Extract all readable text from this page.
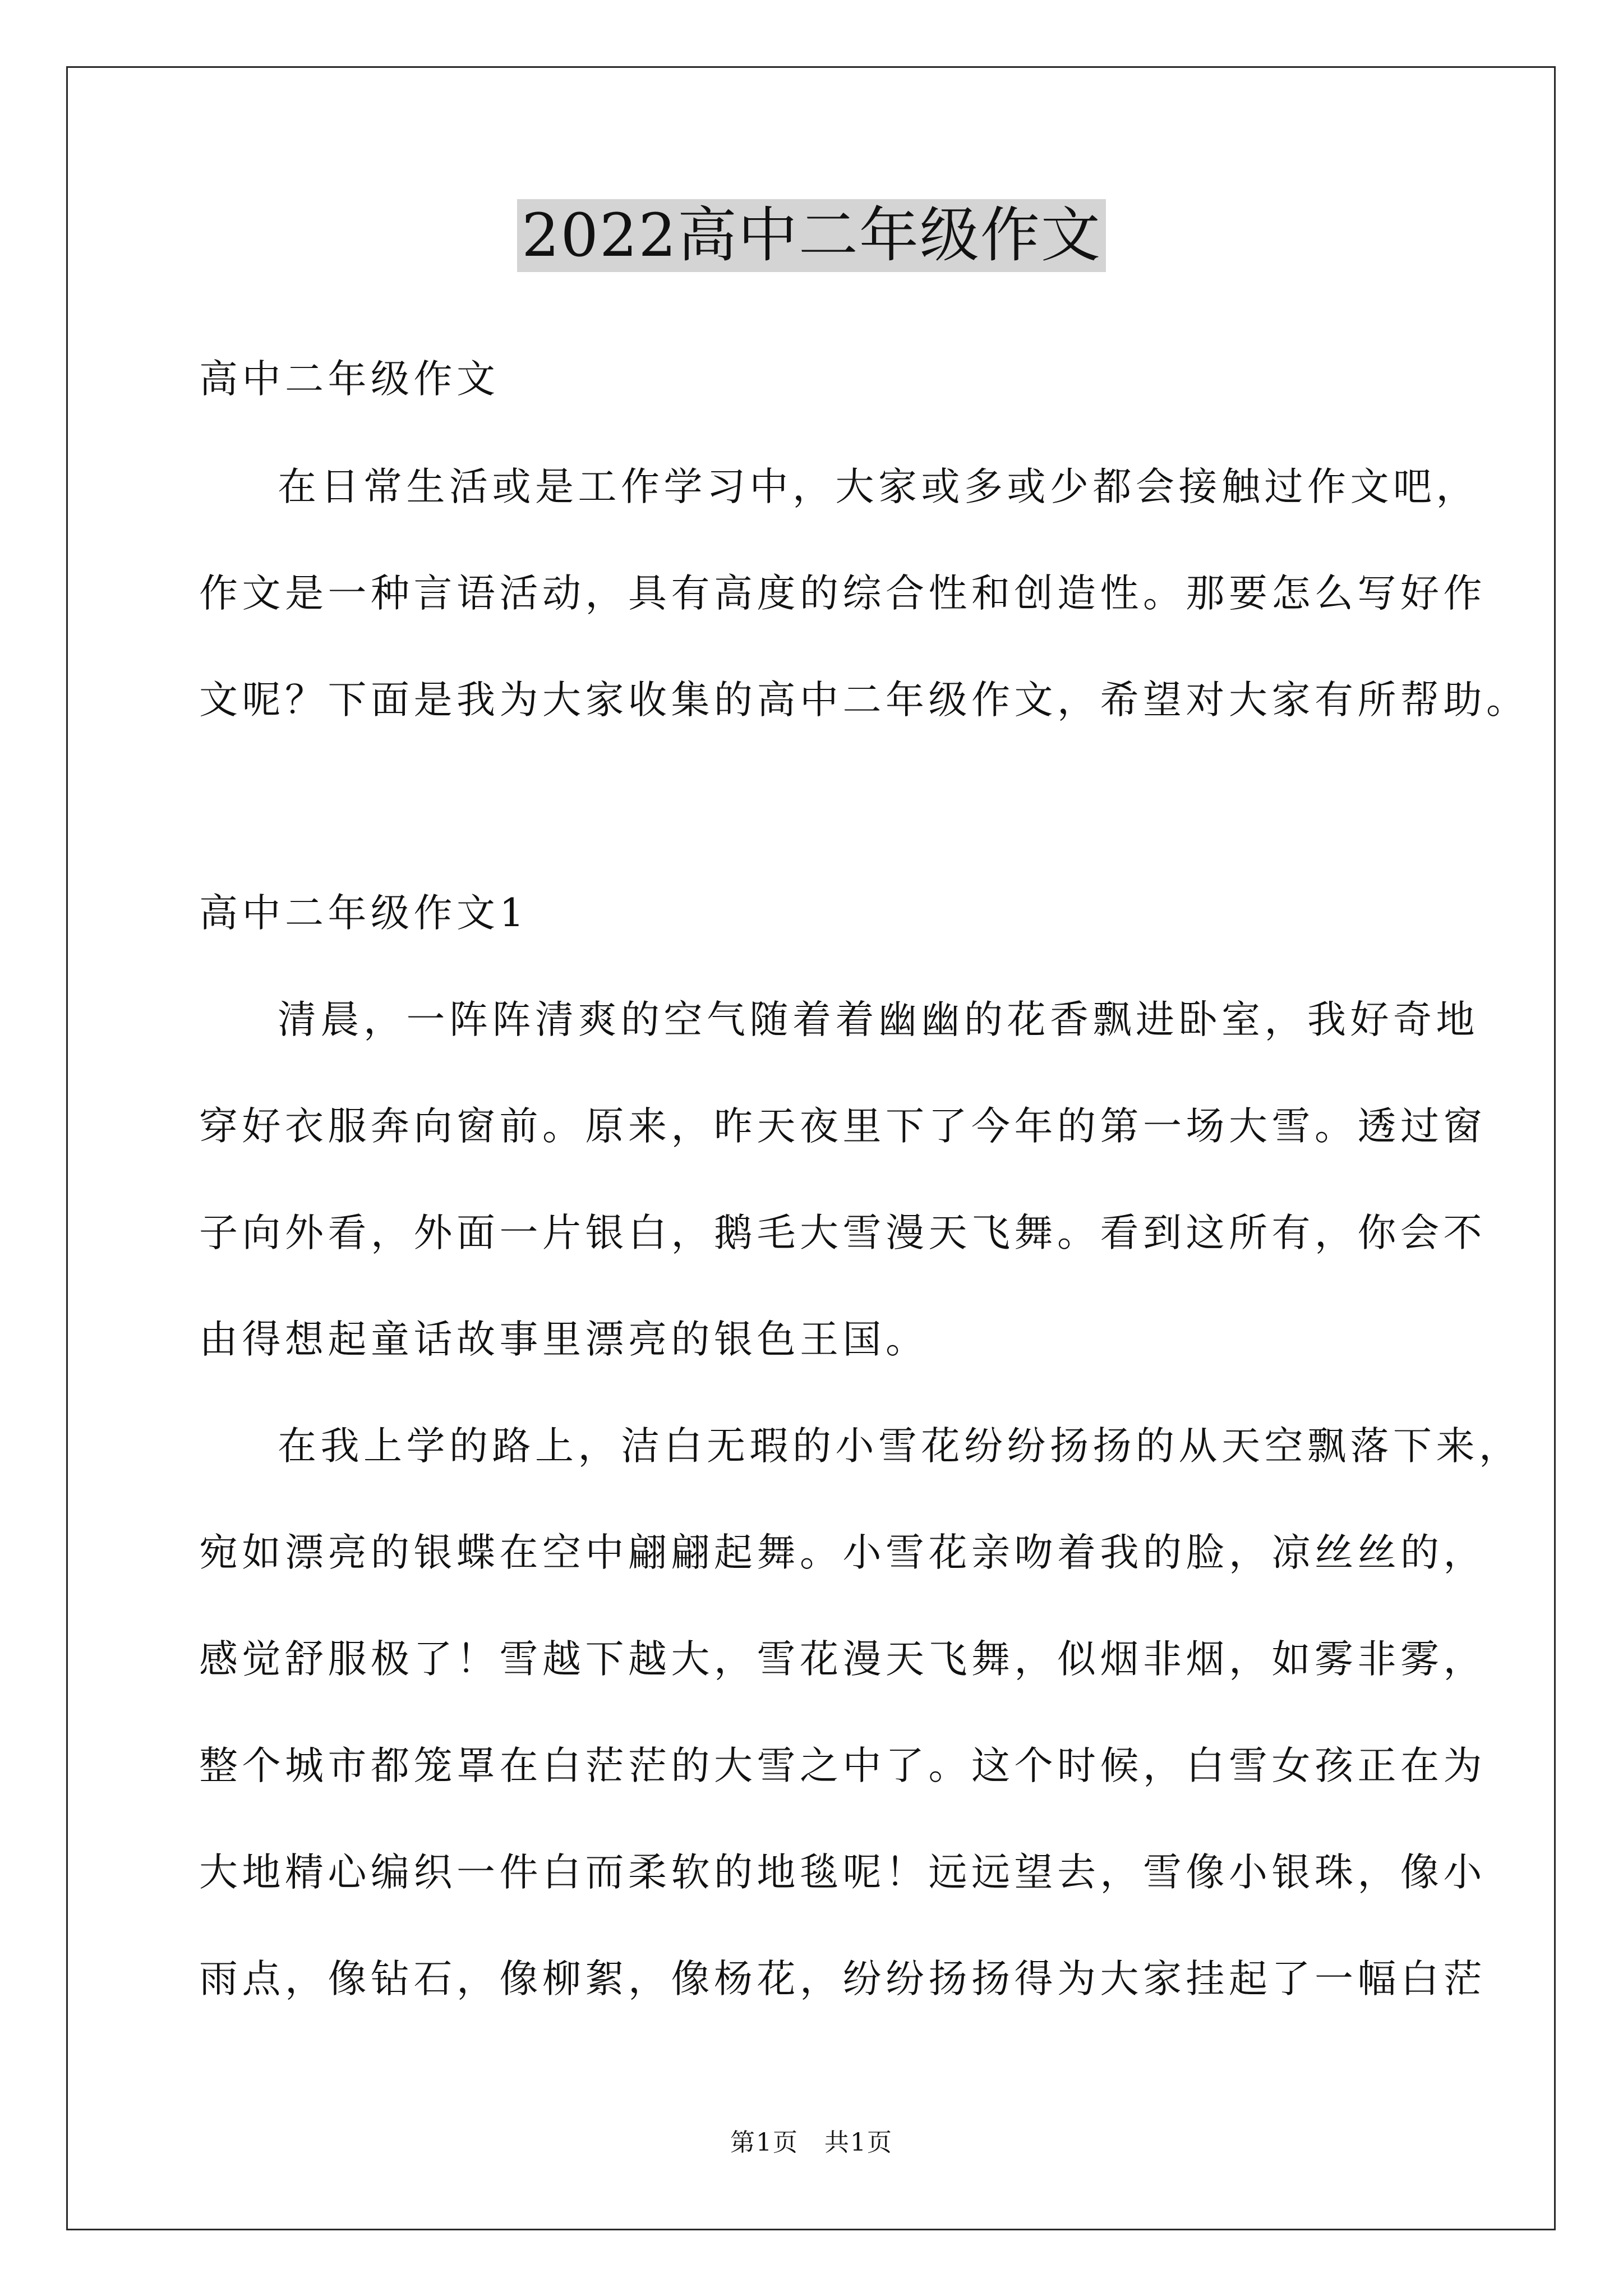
2022高中二年级作文
高中二年级作文
在日常生活或是工作学习中，大家或多或少都会接触过作文吧，
作文是一种言语活动，具有高度的综合性和创造性。那要怎么写好作
文呢？下面是我为大家收集的高中二年级作文，希望对大家有所帮助。
高中二年级作文1
清晨，一阵阵清爽的空气随着着幽幽的花香飘进卧室，我好奇地
穿好衣服奔向窗前。原来，昨天夜里下了今年的第一场大雪。透过窗
子向外看，外面一片银白，鹅毛大雪漫天飞舞。看到这所有，你会不
由得想起童话故事里漂亮的银色王国。
在我上学的路上，洁白无瑕的小雪花纷纷扬扬的从天空飘落下来，
宛如漂亮的银蝶在空中翩翩起舞。小雪花亲吻着我的脸，凉丝丝的，
感觉舒服极了！雪越下越大，雪花漫天飞舞，似烟非烟，如雾非雾，
整个城市都笼罩在白茫茫的大雪之中了。这个时候，白雪女孩正在为
大地精心编织一件白而柔软的地毯呢！远远望去，雪像小银珠，像小
雨点，像钻石，像柳絮，像杨花，纷纷扬扬得为大家挂起了一幅白茫
第1页　共1页
